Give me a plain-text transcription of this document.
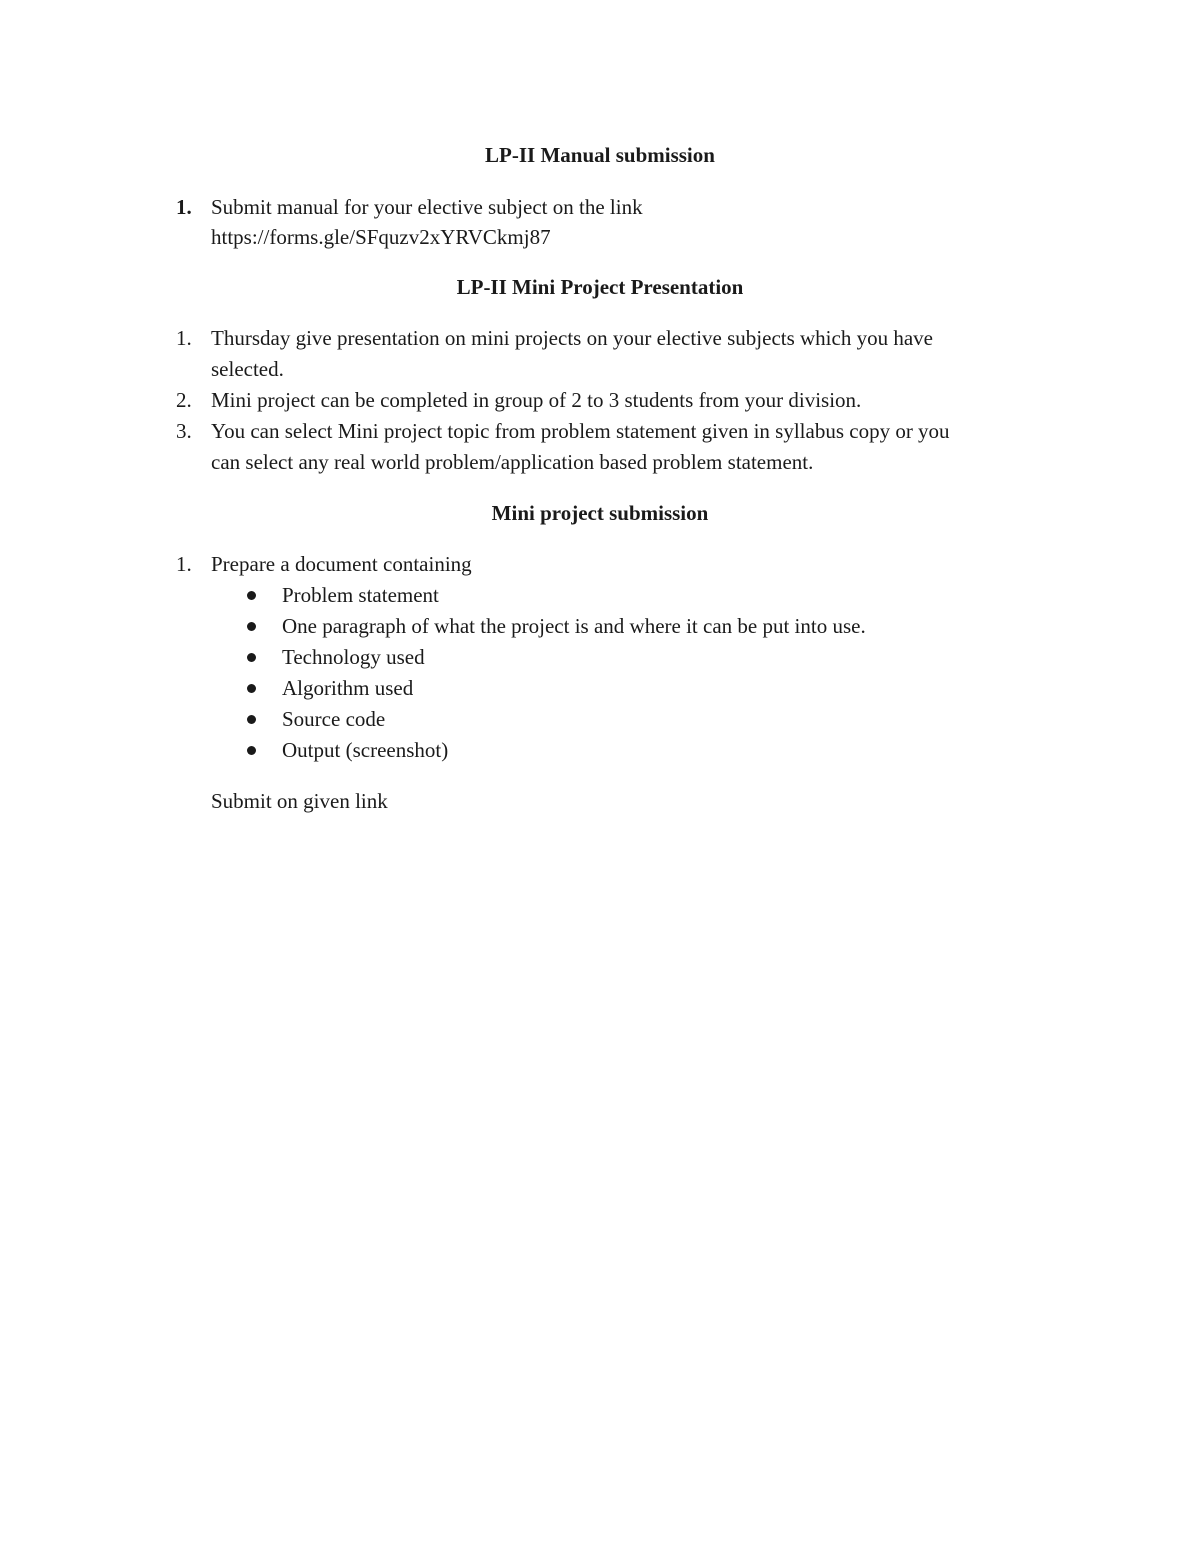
LP-II Manual submission
1. Submit manual for your elective subject on the link
https://forms.gle/SFquzv2xYRVCkmj87
LP-II Mini Project Presentation
1. Thursday give presentation on mini projects on your elective subjects which you have
selected.
2. Mini project can be completed in group of 2 to 3 students from your division.
3. You can select Mini project topic from problem statement given in syllabus copy or you
can select any real world problem/application based problem statement.
Mini project submission
1. Prepare a document containing
Problem statement
One paragraph of what the project is and where it can be put into use.
Technology used
Algorithm used
Source code
Output (screenshot)
Submit on given link
